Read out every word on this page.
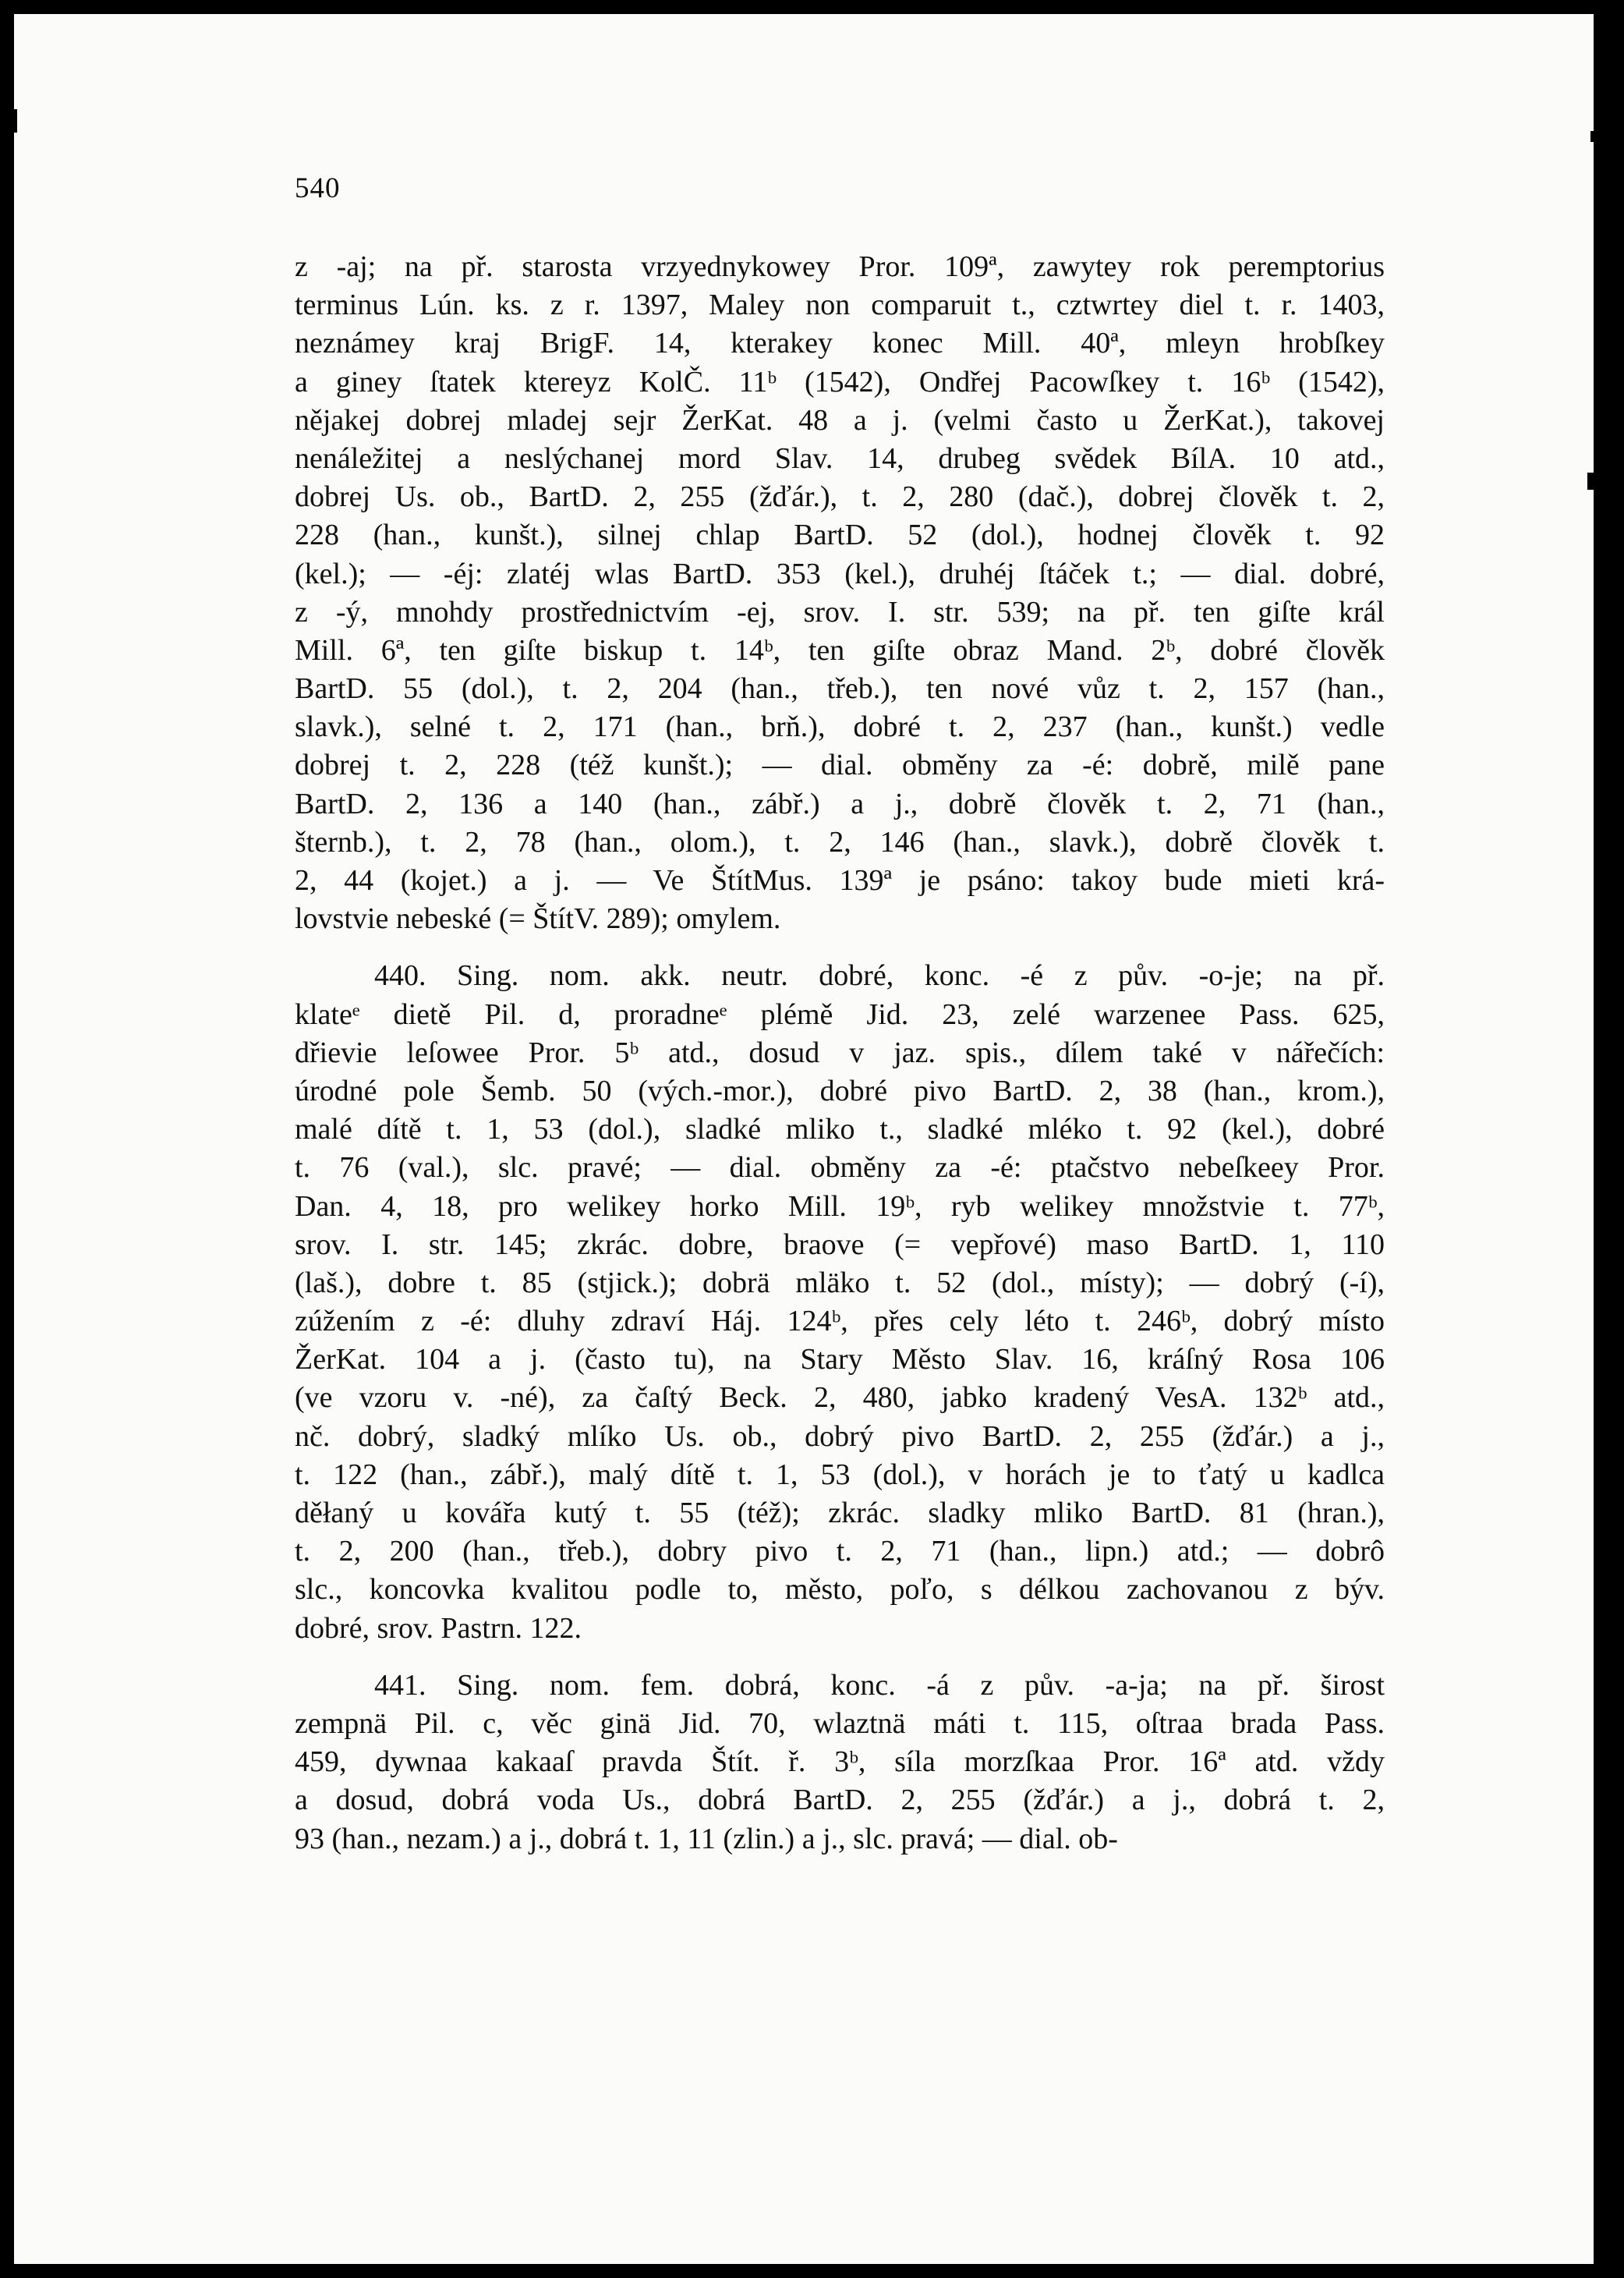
540
z -aj; na př. starosta vrzyednykowey Pror. 109ª, zawytey rok peremptorius
terminus Lún. ks. z r. 1397, Maley non comparuit t., cztwrtey diel t. r. 1403,
neznámey kraj BrigF. 14, kterakey konec Mill. 40ª, mleyn hrobſkey
a giney ſtatek ktereyz KolČ. 11ᵇ (1542), Ondřej Pacowſkey t. 16ᵇ (1542),
nějakej dobrej mladej sejr ŽerKat. 48 a j. (velmi často u ŽerKat.), takovej
nenáležitej a neslýchanej mord Slav. 14, drubeg svědek BílA. 10 atd.,
dobrej Us. ob., BartD. 2, 255 (žďár.), t. 2, 280 (dač.), dobrej člověk t. 2,
228 (han., kunšt.), silnej chlap BartD. 52 (dol.), hodnej člověk t. 92
(kel.); — -éj: zlatéj wlas BartD. 353 (kel.), druhéj ſtáček t.; — dial. dobré,
z -ý, mnohdy prostřednictvím -ej, srov. I. str. 539; na př. ten giſte král
Mill. 6ª, ten giſte biskup t. 14ᵇ, ten giſte obraz Mand. 2ᵇ, dobré člověk
BartD. 55 (dol.), t. 2, 204 (han., třeb.), ten nové vůz t. 2, 157 (han.,
slavk.), selné t. 2, 171 (han., brň.), dobré t. 2, 237 (han., kunšt.) vedle
dobrej t. 2, 228 (též kunšt.); — dial. obměny za -é: dobrě, milě pane
BartD. 2, 136 a 140 (han., zábř.) a j., dobrě člověk t. 2, 71 (han.,
šternb.), t. 2, 78 (han., olom.), t. 2, 146 (han., slavk.), dobrě člověk t.
2, 44 (kojet.) a j. — Ve ŠtítMus. 139ª je psáno: takoy bude mieti krá-
lovstvie nebeské (= ŠtítV. 289); omylem.
440. Sing. nom. akk. neutr. dobré, konc. -é z pův. -o-je; na př.
klateᵉ dietě Pil. d, proradneᵉ plémě Jid. 23, zelé warzenee Pass. 625,
dřievie leſowee Pror. 5ᵇ atd., dosud v jaz. spis., dílem také v nářečích:
úrodné pole Šemb. 50 (vých.-mor.), dobré pivo BartD. 2, 38 (han., krom.),
malé dítě t. 1, 53 (dol.), sladké mliko t., sladké mléko t. 92 (kel.), dobré
t. 76 (val.), slc. pravé; — dial. obměny za -é: ptačstvo nebeſkeey Pror.
Dan. 4, 18, pro welikey horko Mill. 19ᵇ, ryb welikey množstvie t. 77ᵇ,
srov. I. str. 145; zkrác. dobre, braove (= vepřové) maso BartD. 1, 110
(laš.), dobre t. 85 (stjick.); dobrä mläko t. 52 (dol., místy); — dobrý (-í),
zúžením z -é: dluhy zdraví Háj. 124ᵇ, přes cely léto t. 246ᵇ, dobrý místo
ŽerKat. 104 a j. (často tu), na Stary Město Slav. 16, kráſný Rosa 106
(ve vzoru v. -né), za čaſtý Beck. 2, 480, jabko kradený VesA. 132ᵇ atd.,
nč. dobrý, sladký mlíko Us. ob., dobrý pivo BartD. 2, 255 (žďár.) a j.,
t. 122 (han., zábř.), malý dítě t. 1, 53 (dol.), v horách je to ťatý u kadlca
děłaný u kovářa kutý t. 55 (též); zkrác. sladky mliko BartD. 81 (hran.),
t. 2, 200 (han., třeb.), dobry pivo t. 2, 71 (han., lipn.) atd.; — dobrô
slc., koncovka kvalitou podle to, město, poľo, s délkou zachovanou z býv.
dobré, srov. Pastrn. 122.
441. Sing. nom. fem. dobrá, konc. -á z pův. -a-ja; na př. širost
zempnä Pil. c, věc ginä Jid. 70, wlaztnä máti t. 115, oſtraa brada Pass.
459, dywnaa kakaaſ pravda Štít. ř. 3ᵇ, síla morzſkaa Pror. 16ª atd. vždy
a dosud, dobrá voda Us., dobrá BartD. 2, 255 (žďár.) a j., dobrá t. 2,
93 (han., nezam.) a j., dobrá t. 1, 11 (zlin.) a j., slc. pravá; — dial. ob-
